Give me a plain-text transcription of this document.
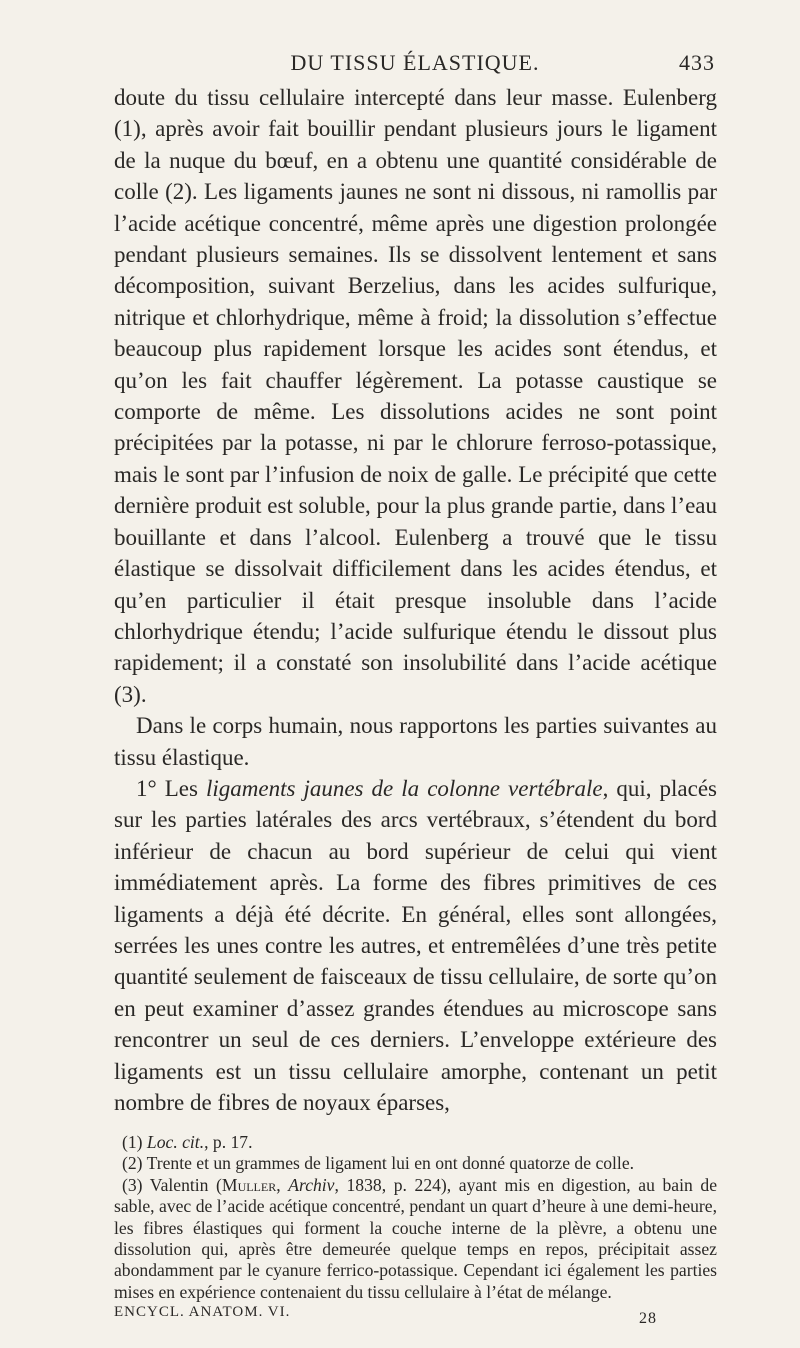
DU TISSU ÉLASTIQUE.	433

doute du tissu cellulaire intercepté dans leur masse. Eulenberg (1), après avoir fait bouillir pendant plusieurs jours le ligament de la nuque du bœuf, en a obtenu une quantité considérable de colle (2). Les ligaments jaunes ne sont ni dissous, ni ramollis par l’acide acétique concentré, même après une digestion prolongée pendant plusieurs semaines. Ils se dissolvent lentement et sans décomposition, suivant Berzelius, dans les acides sulfurique, nitrique et chlorhydrique, même à froid; la dissolution s’effectue beaucoup plus rapidement lorsque les acides sont étendus, et qu’on les fait chauffer légèrement. La potasse caustique se comporte de même. Les dissolutions acides ne sont point précipitées par la potasse, ni par le chlorure ferroso-potassique, mais le sont par l’infusion de noix de galle. Le précipité que cette dernière produit est soluble, pour la plus grande partie, dans l’eau bouillante et dans l’alcool. Eulenberg a trouvé que le tissu élastique se dissolvait difficilement dans les acides étendus, et qu’en particulier il était presque insoluble dans l’acide chlorhydrique étendu; l’acide sulfurique étendu le dissout plus rapidement; il a constaté son insolubilité dans l’acide acétique (3).

Dans le corps humain, nous rapportons les parties suivantes au tissu élastique.

1° Les ligaments jaunes de la colonne vertébrale, qui, placés sur les parties latérales des arcs vertébraux, s’étendent du bord inférieur de chacun au bord supérieur de celui qui vient immédiatement après. La forme des fibres primitives de ces ligaments a déjà été décrite. En général, elles sont allongées, serrées les unes contre les autres, et entremêlées d’une très petite quantité seulement de faisceaux de tissu cellulaire, de sorte qu’on en peut examiner d’assez grandes étendues au microscope sans rencontrer un seul de ces derniers. L’enveloppe extérieure des ligaments est un tissu cellulaire amorphe, contenant un petit nombre de fibres de noyaux éparses,

(1) Loc. cit., p. 17.

(2) Trente et un grammes de ligament lui en ont donné quatorze de colle.

(3) Valentin (Muller, Archiv, 1838, p. 224), ayant mis en digestion, au bain de sable, avec de l’acide acétique concentré, pendant un quart d’heure à une demi-heure, les fibres élastiques qui forment la couche interne de la plèvre, a obtenu une dissolution qui, après être demeurée quelque temps en repos, précipitait assez abondamment par le cyanure ferrico-potassique. Cependant ici également les parties mises en expérience contenaient du tissu cellulaire à l’état de mélange.

ENCYCL. ANATOM. VI.	28
